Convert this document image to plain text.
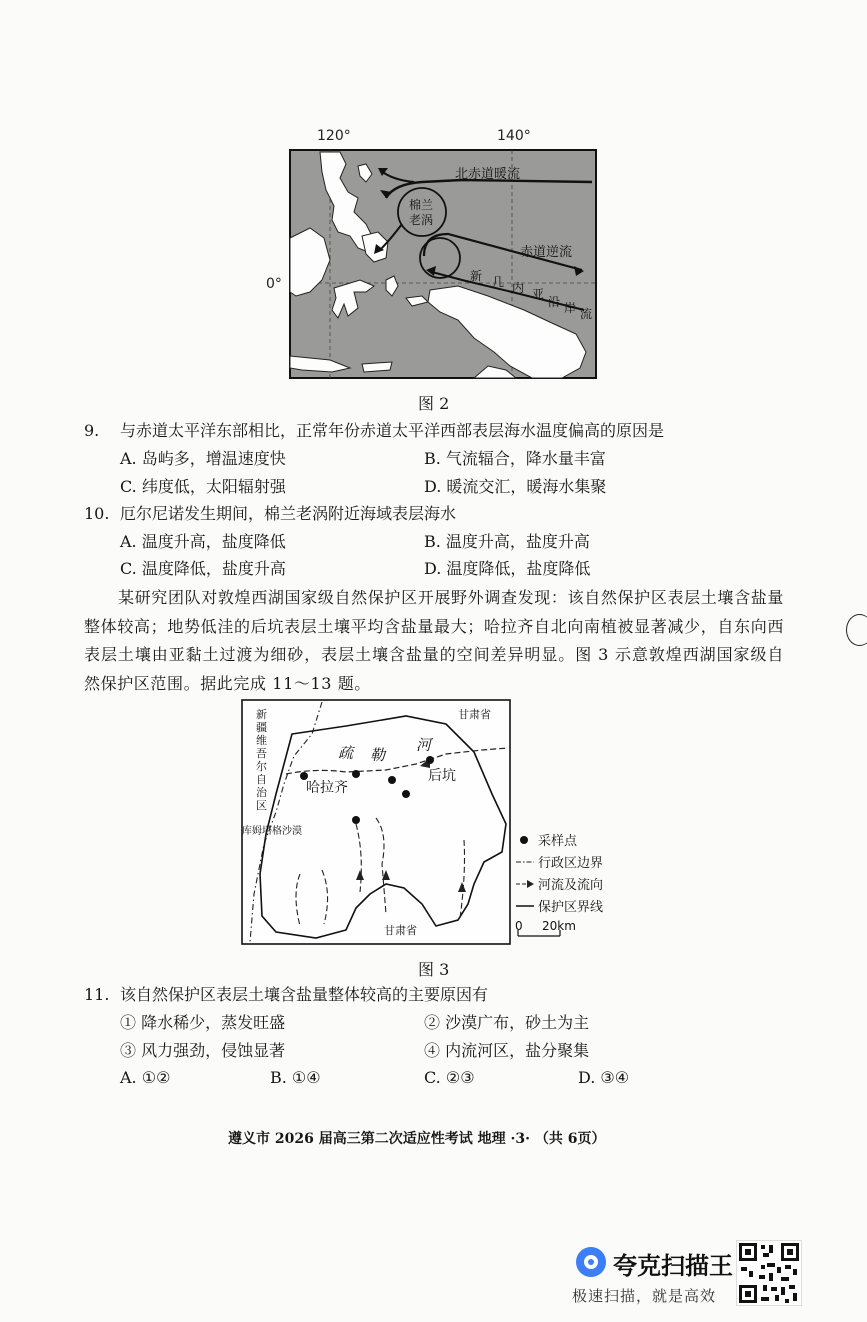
120°	140°
0°
北赤道暖流
赤道逆流
棉兰
老涡
新 几 内 亚
沿 岸 流
图 2
9. 与赤道太平洋东部相比，正常年份赤道太平洋西部表层海水温度偏高的原因是
A. 岛屿多，增温速度快	B. 气流辐合，降水量丰富
C. 纬度低，太阳辐射强	D. 暖流交汇，暖海水集聚
10. 厄尔尼诺发生期间，棉兰老涡附近海域表层海水
A. 温度升高，盐度降低	B. 温度升高，盐度升高
C. 温度降低，盐度升高	D. 温度降低，盐度降低
某研究团队对敦煌西湖国家级自然保护区开展野外调查发现：该自然保护区表层土壤含盐量整体较高；地势低洼的后坑表层土壤平均含盐量最大；哈拉齐自北向南植被显著减少，自东向西表层土壤由亚黏土过渡为细砂，表层土壤含盐量的空间差异明显。图 3 示意敦煌西湖国家级自然保护区范围。据此完成 11～13 题。
新
疆
维
吾
尔
自
治
区
甘肃省
甘肃省
疏 勒
河
哈拉齐
后坑
库姆塔格沙漠
采样点
行政区边界
河流及流向
保护区界线
0 20km
图 3
11. 该自然保护区表层土壤含盐量整体较高的主要原因有
① 降水稀少，蒸发旺盛	② 沙漠广布，砂土为主
③ 风力强劲，侵蚀显著	④ 内流河区，盐分聚集
A. ①②	B. ①④	C. ②③	D. ③④
遵义市 2026 届高三第二次适应性考试 地理 ·3· （共 6页）
夸克扫描王
极速扫描，就是高效
